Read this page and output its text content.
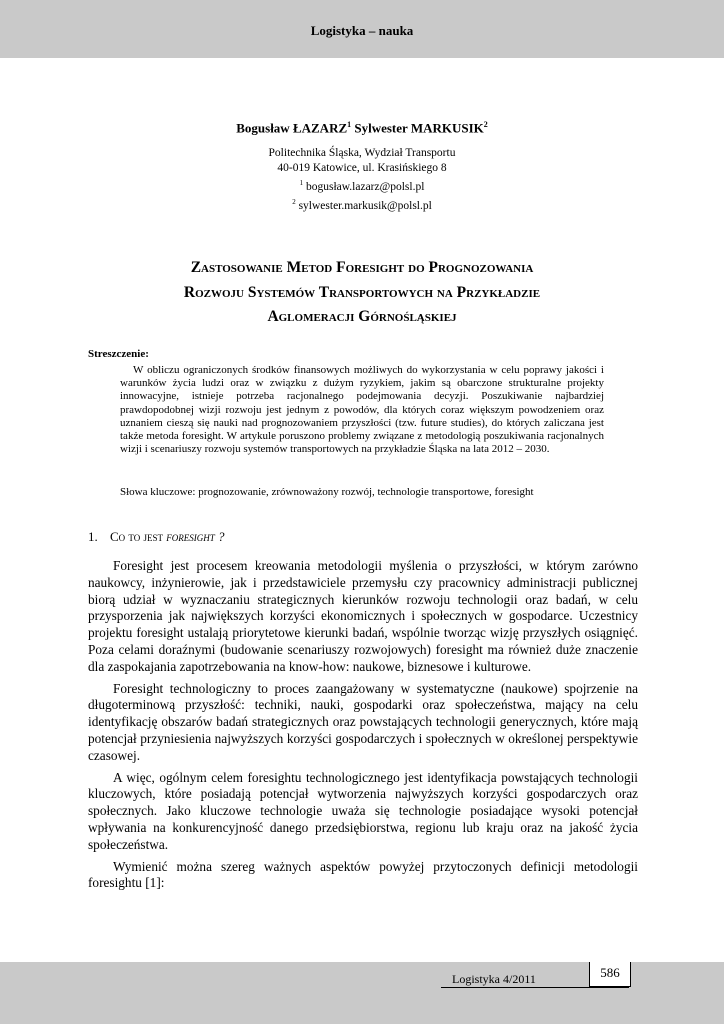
Logistyka – nauka
Bogusław ŁAZARZ$^1$ Sylwester MARKUSIK$^2$
Politechnika Śląska, Wydział Transportu
40-019 Katowice, ul. Krasińskiego 8
$^1$ bogusław.lazarz@polsl.pl
$^2$ sylwester.markusik@polsl.pl
Zastosowanie Metod Foresight do Prognozowania
Rozwoju Systemów Transportowych na Przykładzie
Aglomeracji Górnośląskiej
Streszczenie:
W obliczu ograniczonych środków finansowych możliwych do wykorzystania w celu poprawy jakości i warunków życia ludzi oraz w związku z dużym ryzykiem, jakim są obarczone strukturalne projekty innowacyjne, istnieje potrzeba racjonalnego podejmowania decyzji. Poszukiwanie najbardziej prawdopodobnej wizji rozwoju jest jednym z powodów, dla których coraz większym powodzeniem oraz uznaniem cieszą się nauki nad prognozowaniem przyszłości (tzw. future studies), do których zaliczana jest także metoda foresight. W artykule poruszono problemy związane z metodologią poszukiwania racjonalnych wizji i scenariuszy rozwoju systemów transportowych na przykładzie Śląska na lata 2012 – 2030.
Słowa kluczowe: prognozowanie, zrównoważony rozwój, technologie transportowe, foresight
1. Co to jest foresight ?

Foresight jest procesem kreowania metodologii myślenia o przyszłości, w którym zarówno naukowcy, inżynierowie, jak i przedstawiciele przemysłu czy pracownicy administracji publicznej biorą udział w wyznaczaniu strategicznych kierunków rozwoju technologii oraz badań, w celu przysporzenia jak największych korzyści ekonomicznych i społecznych w gospodarce. Uczestnicy projektu foresight ustalają priorytetowe kierunki badań, wspólnie tworząc wizję przyszłych osiągnięć. Poza celami doraźnymi (budowanie scenariuszy rozwojowych) foresight ma również duże znaczenie dla zaspokajania zapotrzebowania na know-how: naukowe, biznesowe i kulturowe.

Foresight technologiczny to proces zaangażowany w systematyczne (naukowe) spojrzenie na długoterminową przyszłość: techniki, nauki, gospodarki oraz społeczeństwa, mający na celu identyfikację obszarów badań strategicznych oraz powstających technologii generycznych, które mają potencjał przyniesienia najwyższych korzyści gospodarczych i społecznych w określonej perspektywie czasowej.

A więc, ogólnym celem foresightu technologicznego jest identyfikacja powstających technologii kluczowych, które posiadają potencjał wytworzenia najwyższych korzyści gospodarczych oraz społecznych. Jako kluczowe technologie uważa się technologie posiadające wysoki potencjał wpływania na konkurencyjność danego przedsiębiorstwa, regionu lub kraju oraz na jakość życia społeczeństwa.

Wymienić można szereg ważnych aspektów powyżej przytoczonych definicji metodologii foresightu [1]:

Logistyka 4/2011	586
